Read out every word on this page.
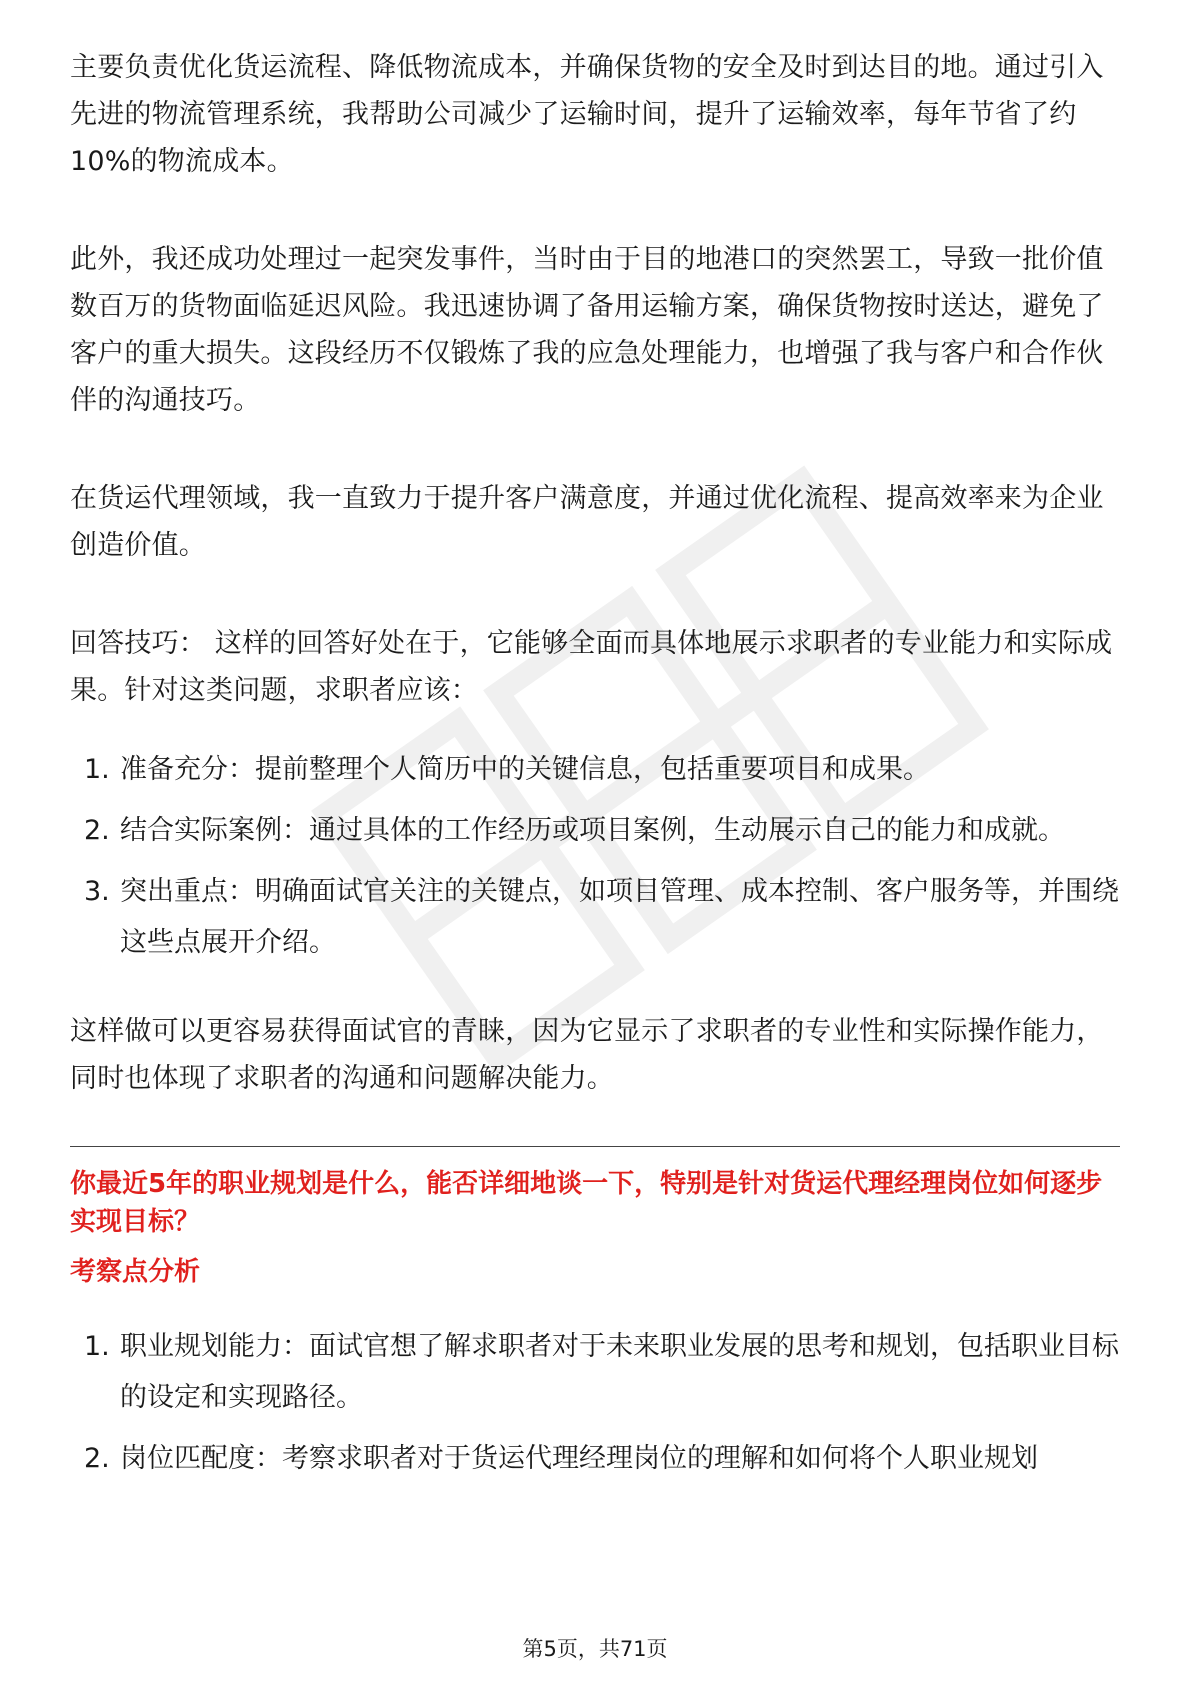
主要负责优化货运流程、降低物流成本，并确保货物的安全及时到达目的地。通过引入先进的物流管理系统，我帮助公司减少了运输时间，提升了运输效率，每年节省了约10%的物流成本。

此外，我还成功处理过一起突发事件，当时由于目的地港口的突然罢工，导致一批价值数百万的货物面临延迟风险。我迅速协调了备用运输方案，确保货物按时送达，避免了客户的重大损失。这段经历不仅锻炼了我的应急处理能力，也增强了我与客户和合作伙伴的沟通技巧。

在货运代理领域，我一直致力于提升客户满意度，并通过优化流程、提高效率来为企业创造价值。

回答技巧： 这样的回答好处在于，它能够全面而具体地展示求职者的专业能力和实际成果。针对这类问题，求职者应该：

1. 准备充分：提前整理个人简历中的关键信息，包括重要项目和成果。
2. 结合实际案例：通过具体的工作经历或项目案例，生动展示自己的能力和成就。
3. 突出重点：明确面试官关注的关键点，如项目管理、成本控制、客户服务等，并围绕这些点展开介绍。

这样做可以更容易获得面试官的青睐，因为它显示了求职者的专业性和实际操作能力，同时也体现了求职者的沟通和问题解决能力。

你最近5年的职业规划是什么，能否详细地谈一下，特别是针对货运代理经理岗位如何逐步实现目标？

考察点分析

1. 职业规划能力：面试官想了解求职者对于未来职业发展的思考和规划，包括职业目标的设定和实现路径。
2. 岗位匹配度：考察求职者对于货运代理经理岗位的理解和如何将个人职业规划
第5页，共71页
